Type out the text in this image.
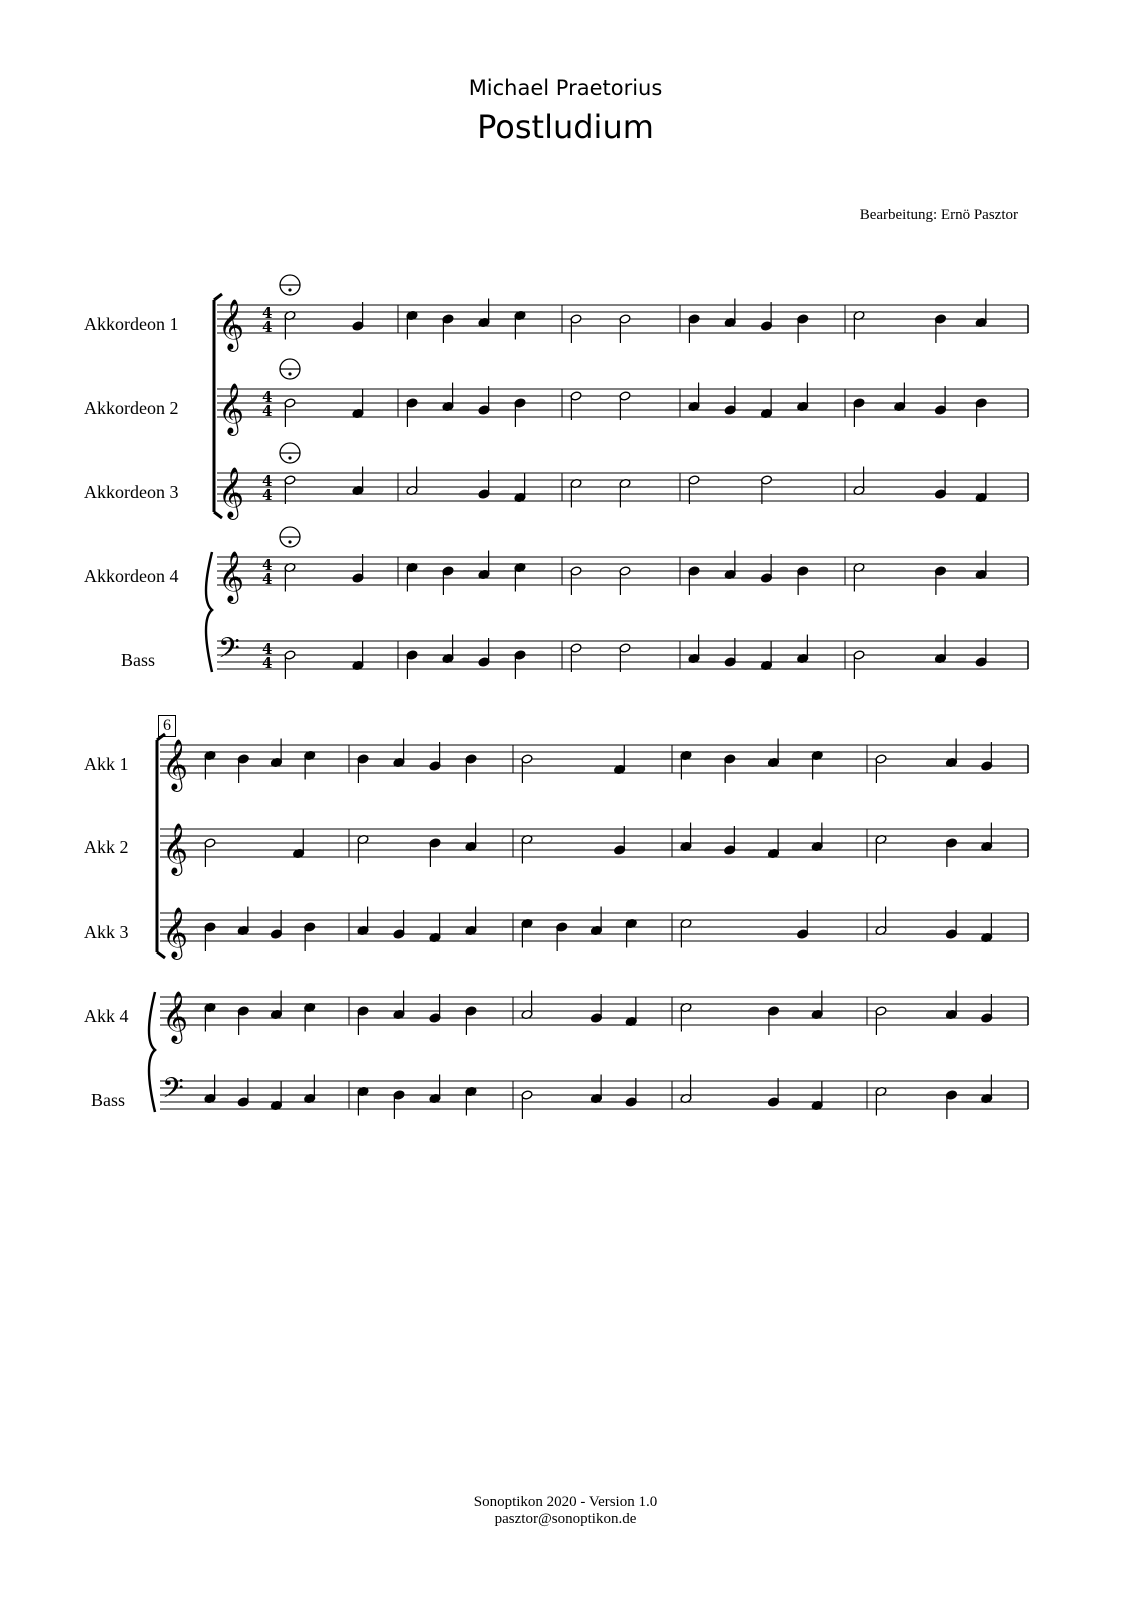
Michael Praetorius
Postludium
Bearbeitung: Ernö Pasztor
Akkordeon 1
Akkordeon 2
Akkordeon 3
Akkordeon 4
Bass
6
Akk 1
Akk 2
Akk 3
Akk 4
Bass
𝄞 4
4
𝄞 4
4
𝄞 4
4
𝄞 4
4
𝄢 4
4
𝄞
𝄞
𝄞
𝄞
𝄢
Sonoptikon 2020 - Version 1.0
pasztor@sonoptikon.de
